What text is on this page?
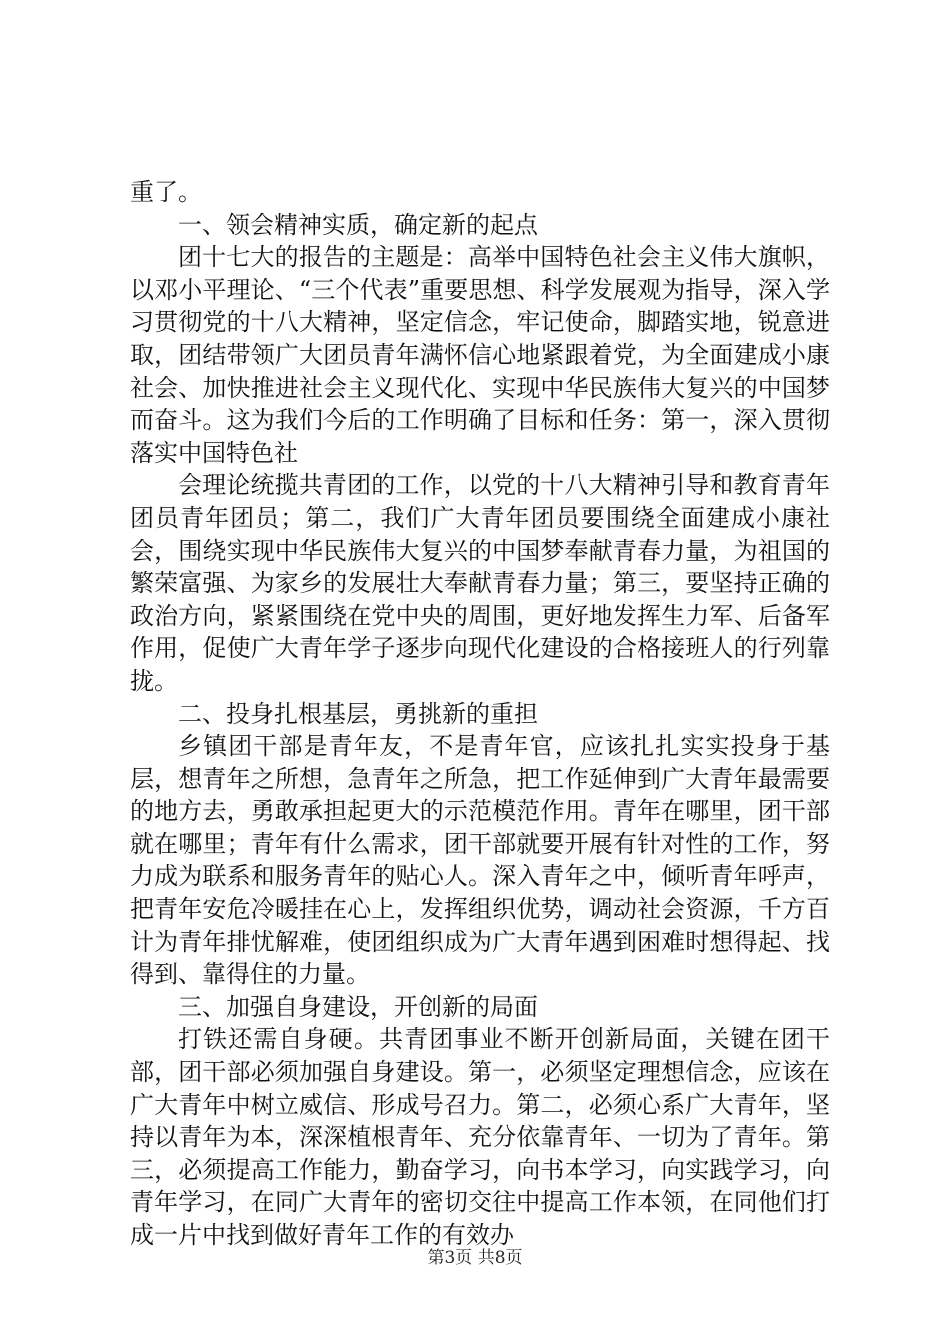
重了。

一、领会精神实质，确定新的起点

团十七大的报告的主题是：高举中国特色社会主义伟大旗帜，以邓小平理论、“三个代表”重要思想、科学发展观为指导，深入学习贯彻党的十八大精神，坚定信念，牢记使命，脚踏实地，锐意进取，团结带领广大团员青年满怀信心地紧跟着党，为全面建成小康社会、加快推进社会主义现代化、实现中华民族伟大复兴的中国梦而奋斗。这为我们今后的工作明确了目标和任务：第一，深入贯彻落实中国特色社

会理论统揽共青团的工作，以党的十八大精神引导和教育青年团员青年团员；第二，我们广大青年团员要围绕全面建成小康社会，围绕实现中华民族伟大复兴的中国梦奉献青春力量，为祖国的繁荣富强、为家乡的发展壮大奉献青春力量；第三，要坚持正确的政治方向，紧紧围绕在党中央的周围，更好地发挥生力军、后备军作用，促使广大青年学子逐步向现代化建设的合格接班人的行列靠拢。

二、投身扎根基层，勇挑新的重担

乡镇团干部是青年友，不是青年官，应该扎扎实实投身于基层，想青年之所想，急青年之所急，把工作延伸到广大青年最需要的地方去，勇敢承担起更大的示范模范作用。青年在哪里，团干部就在哪里；青年有什么需求，团干部就要开展有针对性的工作，努力成为联系和服务青年的贴心人。深入青年之中，倾听青年呼声，把青年安危冷暖挂在心上，发挥组织优势，调动社会资源，千方百计为青年排忧解难，使团组织成为广大青年遇到困难时想得起、找得到、靠得住的力量。

三、加强自身建设，开创新的局面

打铁还需自身硬。共青团事业不断开创新局面，关键在团干部，团干部必须加强自身建设。第一，必须坚定理想信念，应该在广大青年中树立威信、形成号召力。第二，必须心系广大青年，坚持以青年为本，深深植根青年、充分依靠青年、一切为了青年。第三，必须提高工作能力，勤奋学习，向书本学习，向实践学习，向青年学习，在同广大青年的密切交往中提高工作本领，在同他们打成一片中找到做好青年工作的有效办

第3页 共8页
